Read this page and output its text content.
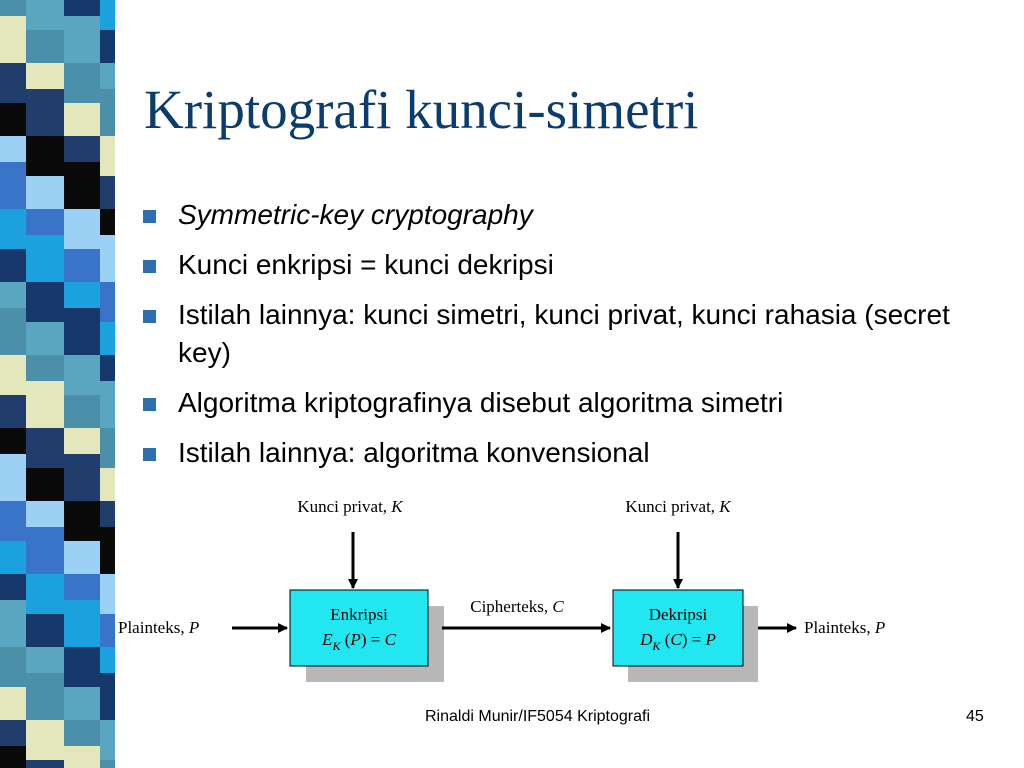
Kriptografi kunci-simetri
Symmetric-key cryptography
Kunci enkripsi = kunci dekripsi
Istilah lainnya: kunci simetri, kunci privat, kunci rahasia (secret key)
Algoritma kriptografinya disebut algoritma simetri
Istilah lainnya: algoritma konvensional
Kunci privat, K	Kunci privat, K
Plainteks, P
Enkripsi
$E_K$ (P) = C
Cipherteks, C	Dekripsi
$D_K$ (C) = P
Plainteks, P
Rinaldi Munir/IF5054 Kriptografi	45
